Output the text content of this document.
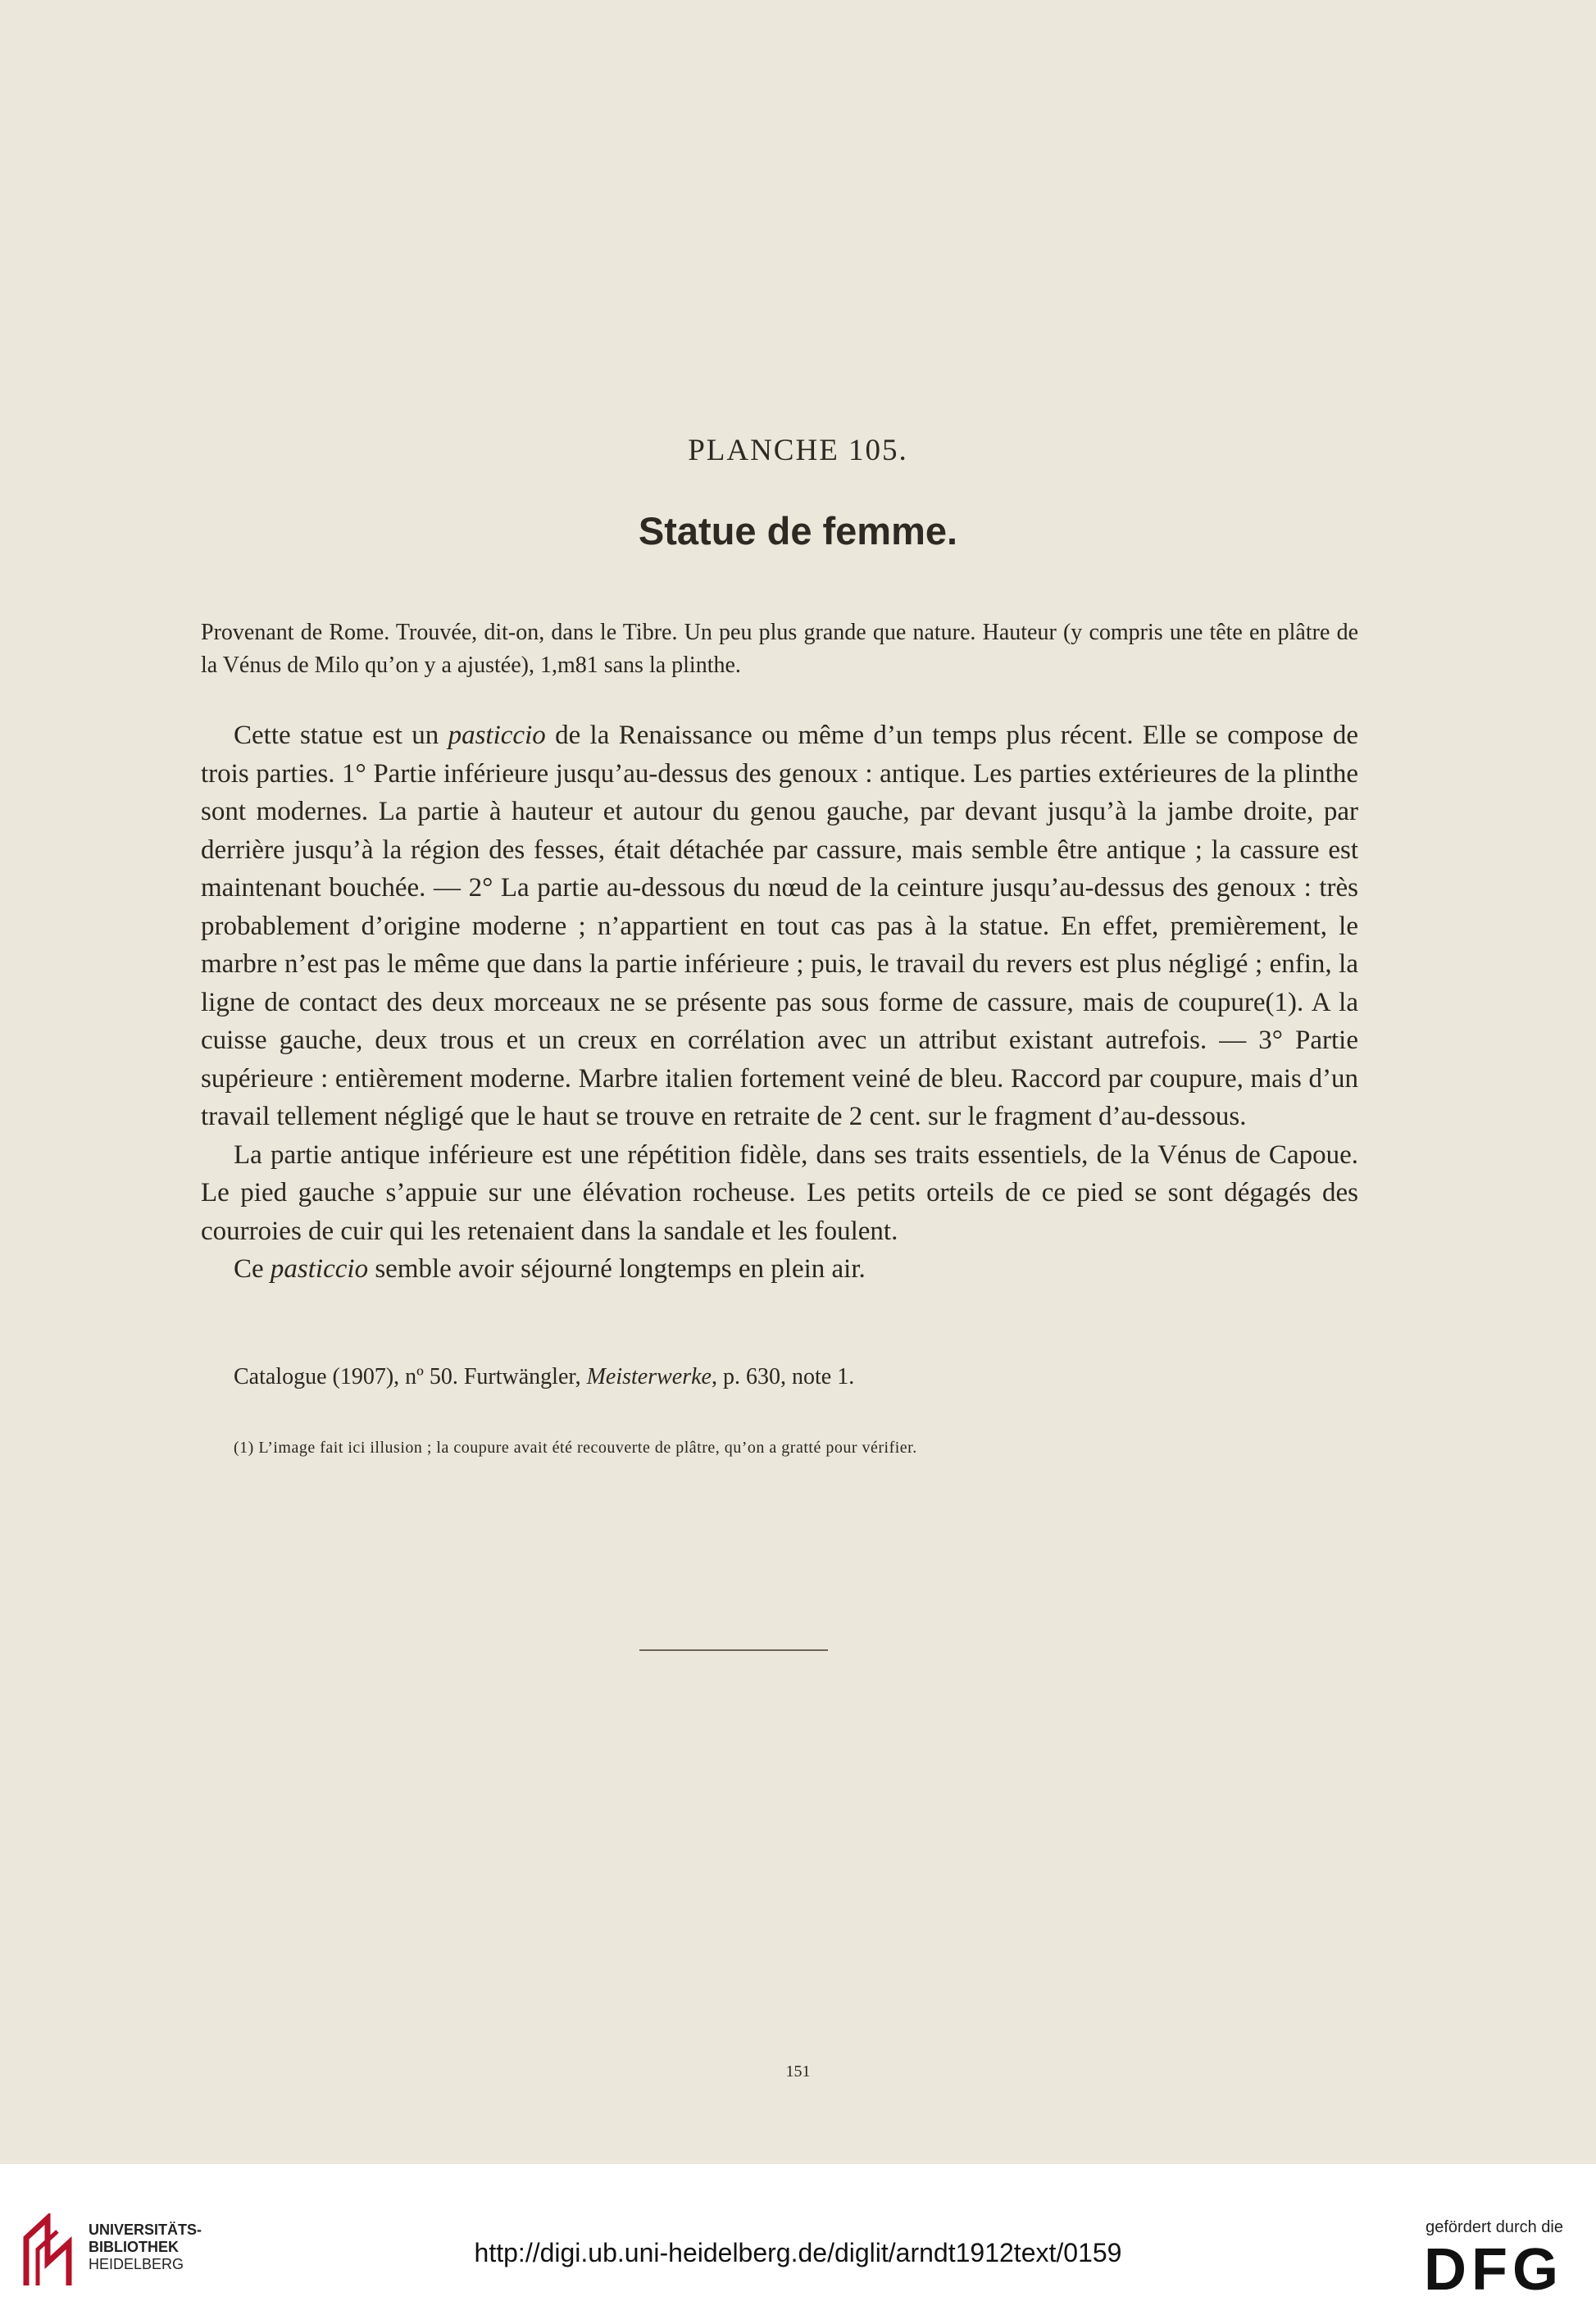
PLANCHE 105.
Statue de femme.
Provenant de Rome. Trouvée, dit-on, dans le Tibre. Un peu plus grande que nature. Hauteur (y compris une tête en plâtre de la Vénus de Milo qu’on y a ajustée), 1,m81 sans la plinthe.

Cette statue est un pasticcio de la Renaissance ou même d’un temps plus récent. Elle se compose de trois parties. 1° Partie inférieure jusqu’au-dessus des genoux : antique. Les parties extérieures de la plinthe sont modernes. La partie à hauteur et autour du genou gauche, par devant jusqu’à la jambe droite, par derrière jusqu’à la région des fesses, était détachée par cassure, mais semble être antique ; la cassure est maintenant bouchée. — 2° La partie au-dessous du nœud de la ceinture jusqu’au-dessus des genoux : très probablement d’origine moderne ; n’appartient en tout cas pas à la statue. En effet, premièrement, le marbre n’est pas le même que dans la partie inférieure ; puis, le travail du revers est plus négligé ; enfin, la ligne de contact des deux morceaux ne se présente pas sous forme de cassure, mais de coupure(1). A la cuisse gauche, deux trous et un creux en corrélation avec un attribut existant autrefois. — 3° Partie supérieure : entièrement moderne. Marbre italien fortement veiné de bleu. Raccord par coupure, mais d’un travail tellement négligé que le haut se trouve en retraite de 2 cent. sur le fragment d’au-dessous.

La partie antique inférieure est une répétition fidèle, dans ses traits essentiels, de la Vénus de Capoue. Le pied gauche s’appuie sur une élévation rocheuse. Les petits orteils de ce pied se sont dégagés des courroies de cuir qui les retenaient dans la sandale et les foulent.

Ce pasticcio semble avoir séjourné longtemps en plein air.

Catalogue (1907), nº 50. Furtwängler, Meisterwerke, p. 630, note 1.
(1) L’image fait ici illusion ; la coupure avait été recouverte de plâtre, qu’on a gratté pour vérifier.
151
UNIVERSITÄTS-
BIBLIOTHEK
HEIDELBERG	http://digi.ub.uni-heidelberg.de/diglit/arndt1912text/0159
gefördert durch die
DFG
